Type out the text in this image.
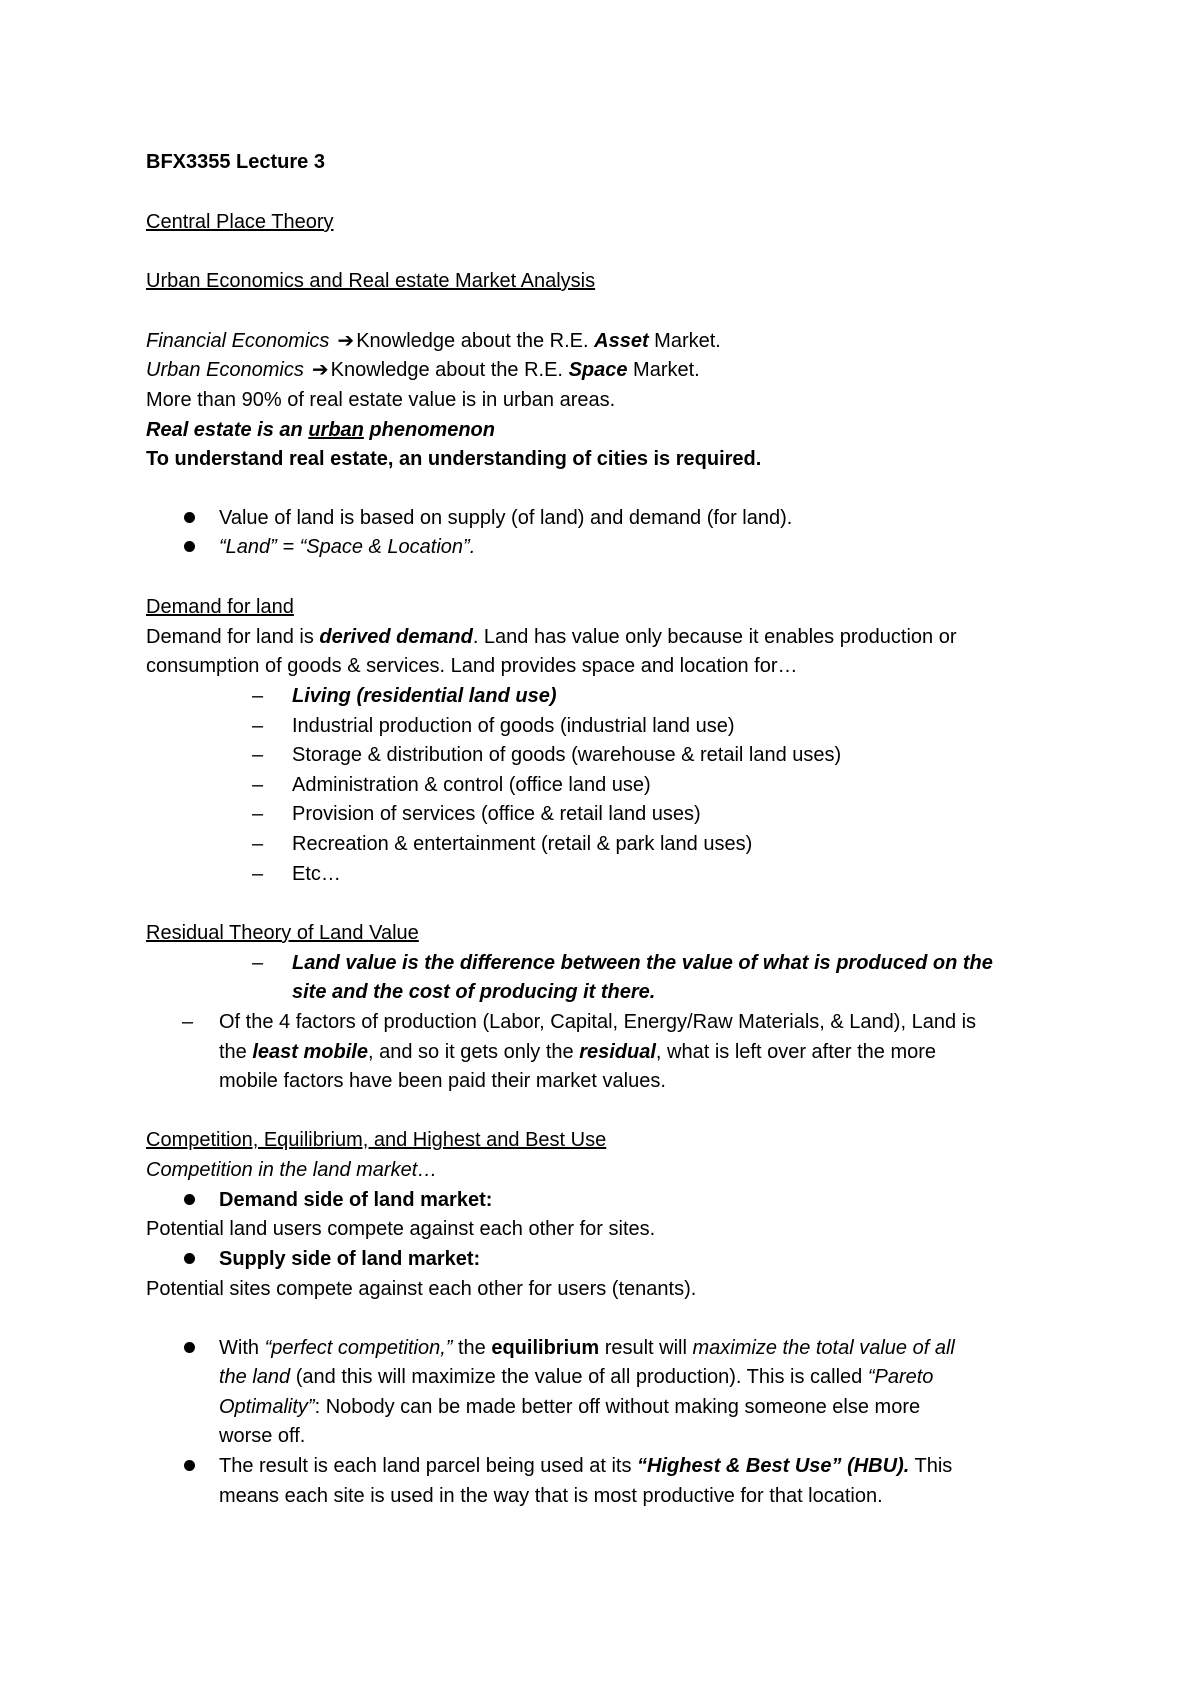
BFX3355 Lecture 3
Central Place Theory
Urban Economics and Real estate Market Analysis
Financial Economics ➔ Knowledge about the R.E. Asset Market.
Urban Economics ➔ Knowledge about the R.E. Space Market.
More than 90% of real estate value is in urban areas.
Real estate is an urban phenomenon
To understand real estate, an understanding of cities is required.
Value of land is based on supply (of land) and demand (for land).
“Land” = “Space & Location”.
Demand for land
Demand for land is derived demand. Land has value only because it enables production or
consumption of goods & services. Land provides space and location for…
– Living (residential land use)
– Industrial production of goods (industrial land use)
– Storage & distribution of goods (warehouse & retail land uses)
– Administration & control (office land use)
– Provision of services (office & retail land uses)
– Recreation & entertainment (retail & park land uses)
– Etc…
Residual Theory of Land Value
– Land value is the difference between the value of what is produced on the
site and the cost of producing it there.
– Of the 4 factors of production (Labor, Capital, Energy/Raw Materials, & Land), Land is
the least mobile, and so it gets only the residual, what is left over after the more
mobile factors have been paid their market values.
Competition, Equilibrium, and Highest and Best Use
Competition in the land market…
Demand side of land market:
Potential land users compete against each other for sites.
Supply side of land market:
Potential sites compete against each other for users (tenants).
With “perfect competition,” the equilibrium result will maximize the total value of all
the land (and this will maximize the value of all production). This is called “Pareto
Optimality”: Nobody can be made better off without making someone else more
worse off.
The result is each land parcel being used at its “Highest & Best Use” (HBU). This
means each site is used in the way that is most productive for that location.
